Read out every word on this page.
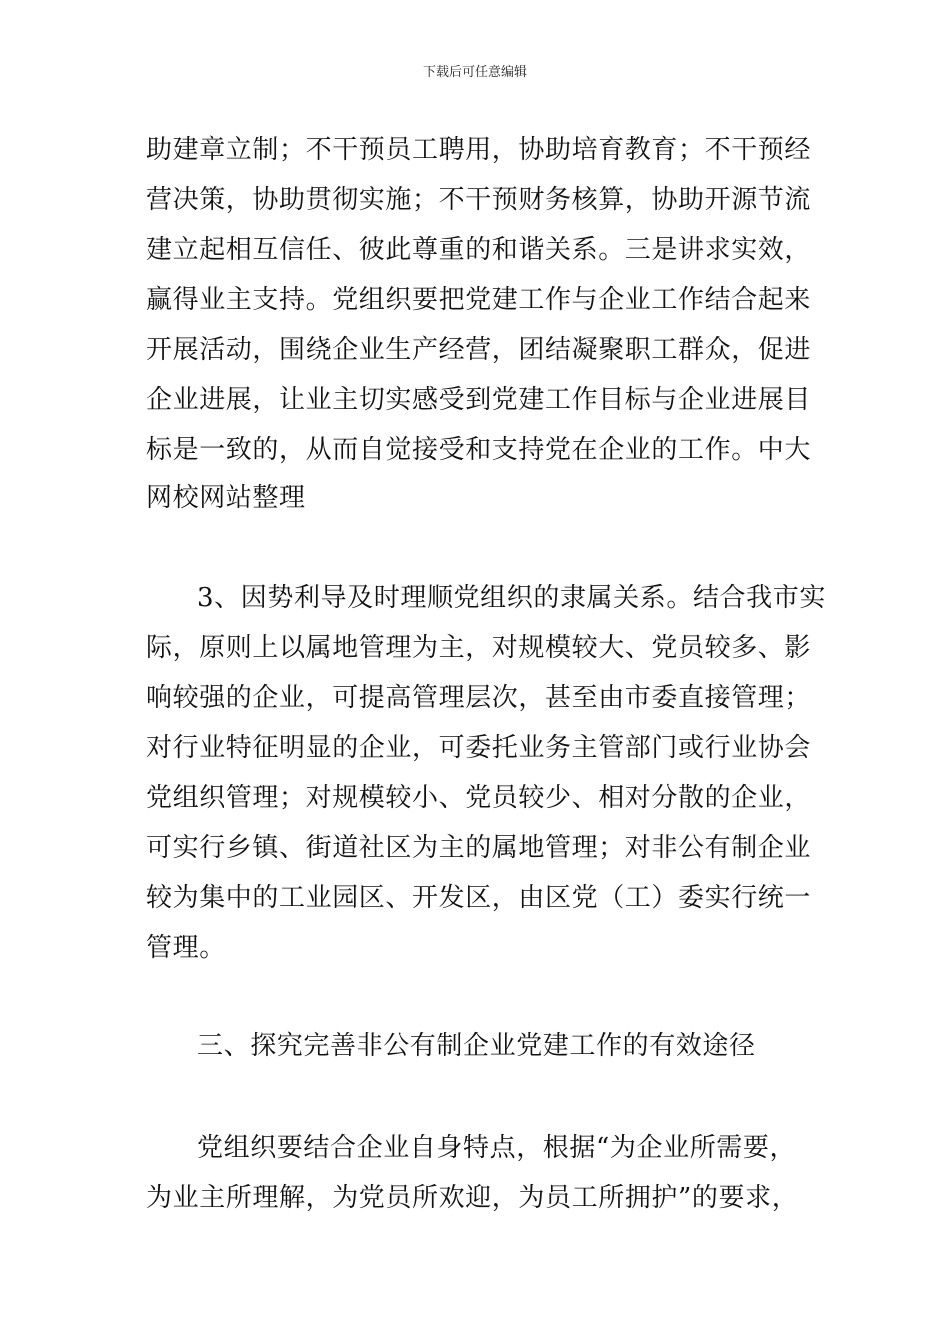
下载后可任意编辑
助建章立制；不干预员工聘用，协助培育教育；不干预经
营决策，协助贯彻实施；不干预财务核算，协助开源节流
建立起相互信任、彼此尊重的和谐关系。三是讲求实效，
赢得业主支持。党组织要把党建工作与企业工作结合起来
开展活动，围绕企业生产经营，团结凝聚职工群众，促进
企业进展，让业主切实感受到党建工作目标与企业进展目
标是一致的，从而自觉接受和支持党在企业的工作。中大
网校网站整理
3、因势利导及时理顺党组织的隶属关系。结合我市实
际，原则上以属地管理为主，对规模较大、党员较多、影
响较强的企业，可提高管理层次，甚至由市委直接管理；
对行业特征明显的企业，可委托业务主管部门或行业协会
党组织管理；对规模较小、党员较少、相对分散的企业，
可实行乡镇、街道社区为主的属地管理；对非公有制企业
较为集中的工业园区、开发区，由区党（工）委实行统一
管理。
三、探究完善非公有制企业党建工作的有效途径
党组织要结合企业自身特点，根据“为企业所需要，
为业主所理解，为党员所欢迎，为员工所拥护”的要求，
